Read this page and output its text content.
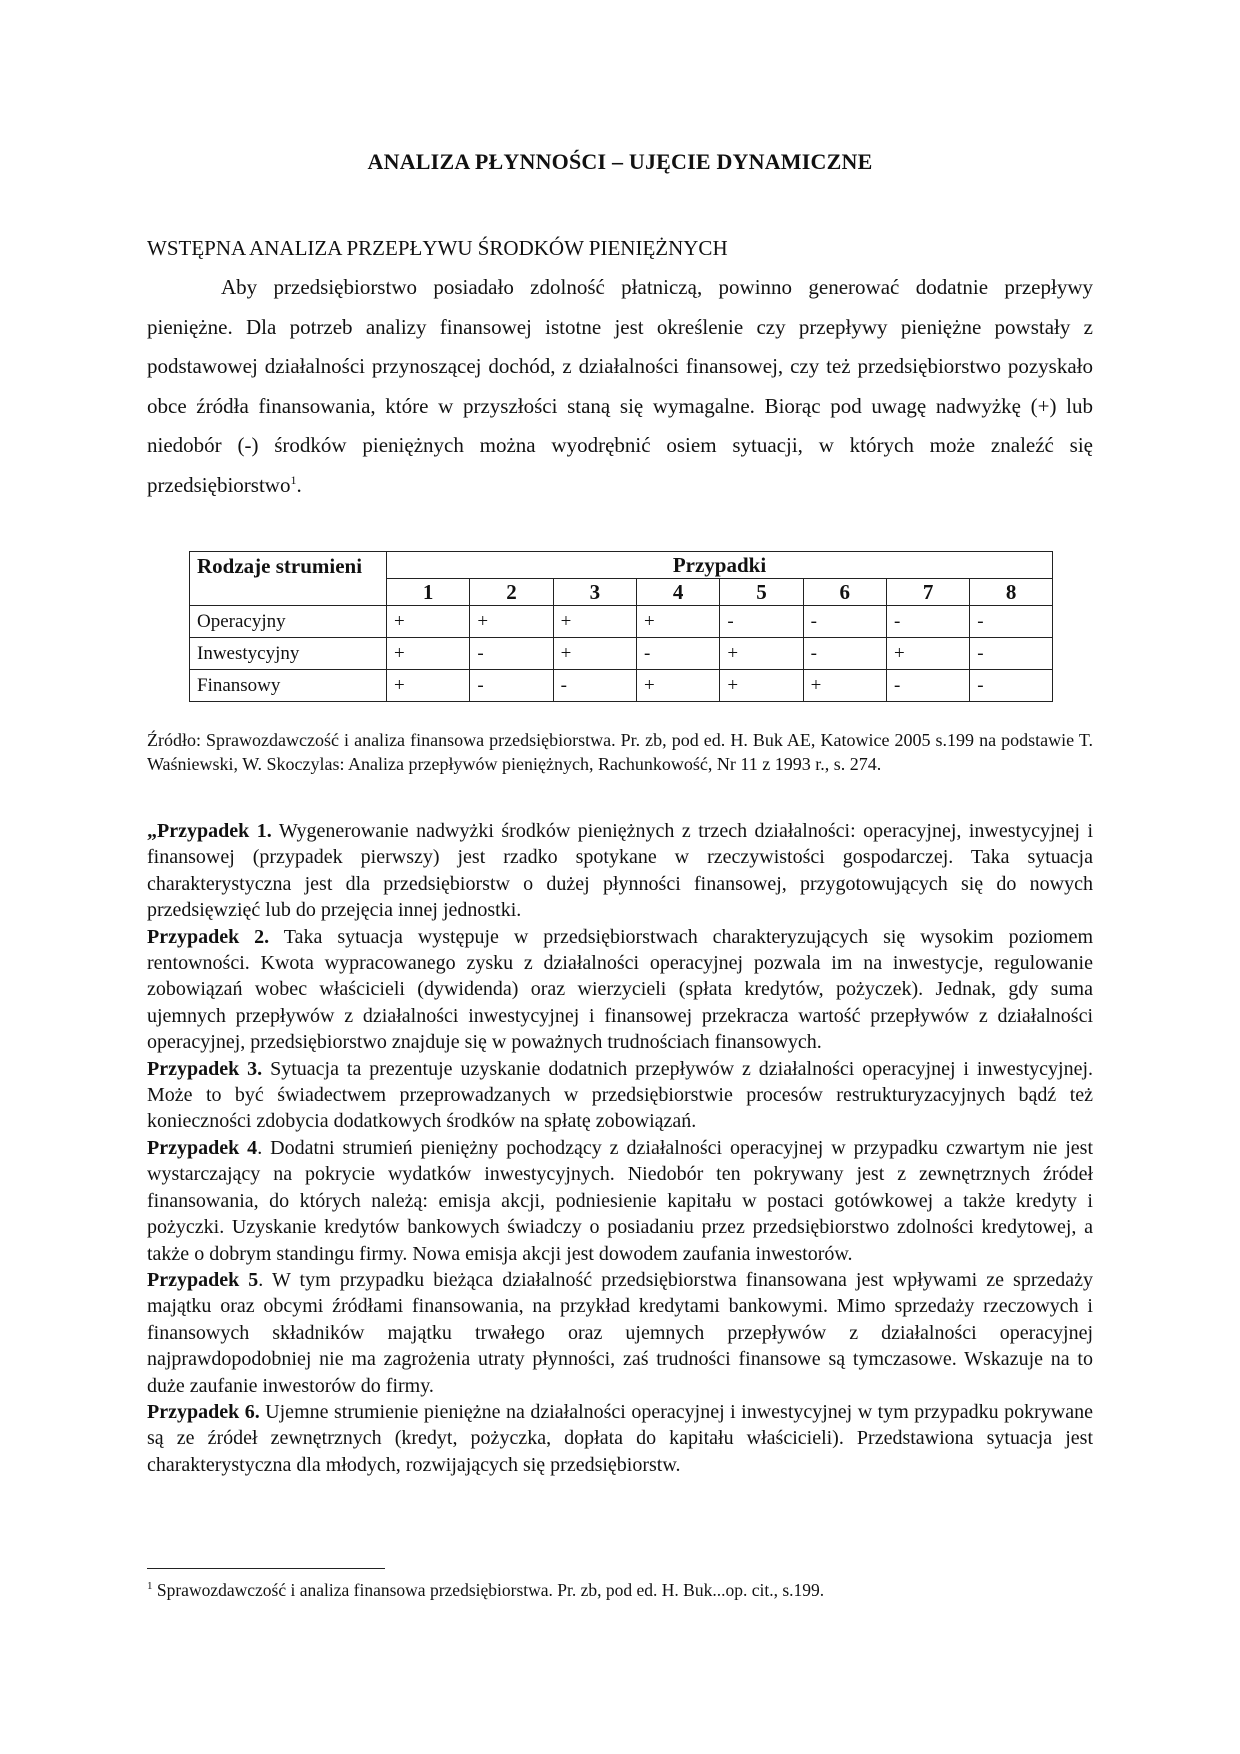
ANALIZA PŁYNNOŚCI – UJĘCIE DYNAMICZNE
WSTĘPNA ANALIZA PRZEPŁYWU ŚRODKÓW PIENIĘŻNYCH

Aby przedsiębiorstwo posiadało zdolność płatniczą, powinno generować dodatnie przepływy pieniężne. Dla potrzeb analizy finansowej istotne jest określenie czy przepływy pieniężne powstały z podstawowej działalności przynoszącej dochód, z działalności finansowej, czy też przedsiębiorstwo pozyskało obce źródła finansowania, które w przyszłości staną się wymagalne. Biorąc pod uwagę nadwyżkę (+) lub niedobór (-) środków pieniężnych można wyodrębnić osiem sytuacji, w których może znaleźć się przedsiębiorstwo$^1$.

Rodzaje strumieni	Przypadki							
	1	2	3	4	5	6	7	8
Operacyjny	+	+	+	+	-	-	-	-
Inwestycyjny	+	-	+	-	+	-	+	-
Finansowy	+	-	-	+	+	+	-	-

Źródło: Sprawozdawczość i analiza finansowa przedsiębiorstwa. Pr. zb, pod ed. H. Buk AE, Katowice 2005 s.199 na podstawie T. Waśniewski, W. Skoczylas: Analiza przepływów pieniężnych, Rachunkowość, Nr 11 z 1993 r., s. 274.

„Przypadek 1. Wygenerowanie nadwyżki środków pieniężnych z trzech działalności: operacyjnej, inwestycyjnej i finansowej (przypadek pierwszy) jest rzadko spotykane w rzeczywistości gospodarczej. Taka sytuacja charakterystyczna jest dla przedsiębiorstw o dużej płynności finansowej, przygotowujących się do nowych przedsięwzięć lub do przejęcia innej jednostki.

Przypadek 2. Taka sytuacja występuje w przedsiębiorstwach charakteryzujących się wysokim poziomem rentowności. Kwota wypracowanego zysku z działalności operacyjnej pozwala im na inwestycje, regulowanie zobowiązań wobec właścicieli (dywidenda) oraz wierzycieli (spłata kredytów, pożyczek). Jednak, gdy suma ujemnych przepływów z działalności inwestycyjnej i finansowej przekracza wartość przepływów z działalności operacyjnej, przedsiębiorstwo znajduje się w poważnych trudnościach finansowych.

Przypadek 3. Sytuacja ta prezentuje uzyskanie dodatnich przepływów z działalności operacyjnej i inwestycyjnej. Może to być świadectwem przeprowadzanych w przedsiębiorstwie procesów restrukturyzacyjnych bądź też konieczności zdobycia dodatkowych środków na spłatę zobowiązań.

Przypadek 4. Dodatni strumień pieniężny pochodzący z działalności operacyjnej w przypadku czwartym nie jest wystarczający na pokrycie wydatków inwestycyjnych. Niedobór ten pokrywany jest z zewnętrznych źródeł finansowania, do których należą: emisja akcji, podniesienie kapitału w postaci gotówkowej a także kredyty i pożyczki. Uzyskanie kredytów bankowych świadczy o posiadaniu przez przedsiębiorstwo zdolności kredytowej, a także o dobrym standingu firmy. Nowa emisja akcji jest dowodem zaufania inwestorów.

Przypadek 5. W tym przypadku bieżąca działalność przedsiębiorstwa finansowana jest wpływami ze sprzedaży majątku oraz obcymi źródłami finansowania, na przykład kredytami bankowymi. Mimo sprzedaży rzeczowych i finansowych składników majątku trwałego oraz ujemnych przepływów z działalności operacyjnej najprawdopodobniej nie ma zagrożenia utraty płynności, zaś trudności finansowe są tymczasowe. Wskazuje na to duże zaufanie inwestorów do firmy.

Przypadek 6. Ujemne strumienie pieniężne na działalności operacyjnej i inwestycyjnej w tym przypadku pokrywane są ze źródeł zewnętrznych (kredyt, pożyczka, dopłata do kapitału właścicieli). Przedstawiona sytuacja jest charakterystyczna dla młodych, rozwijających się przedsiębiorstw.

$^1$ Sprawozdawczość i analiza finansowa przedsiębiorstwa. Pr. zb, pod ed. H. Buk...op. cit., s.199.
